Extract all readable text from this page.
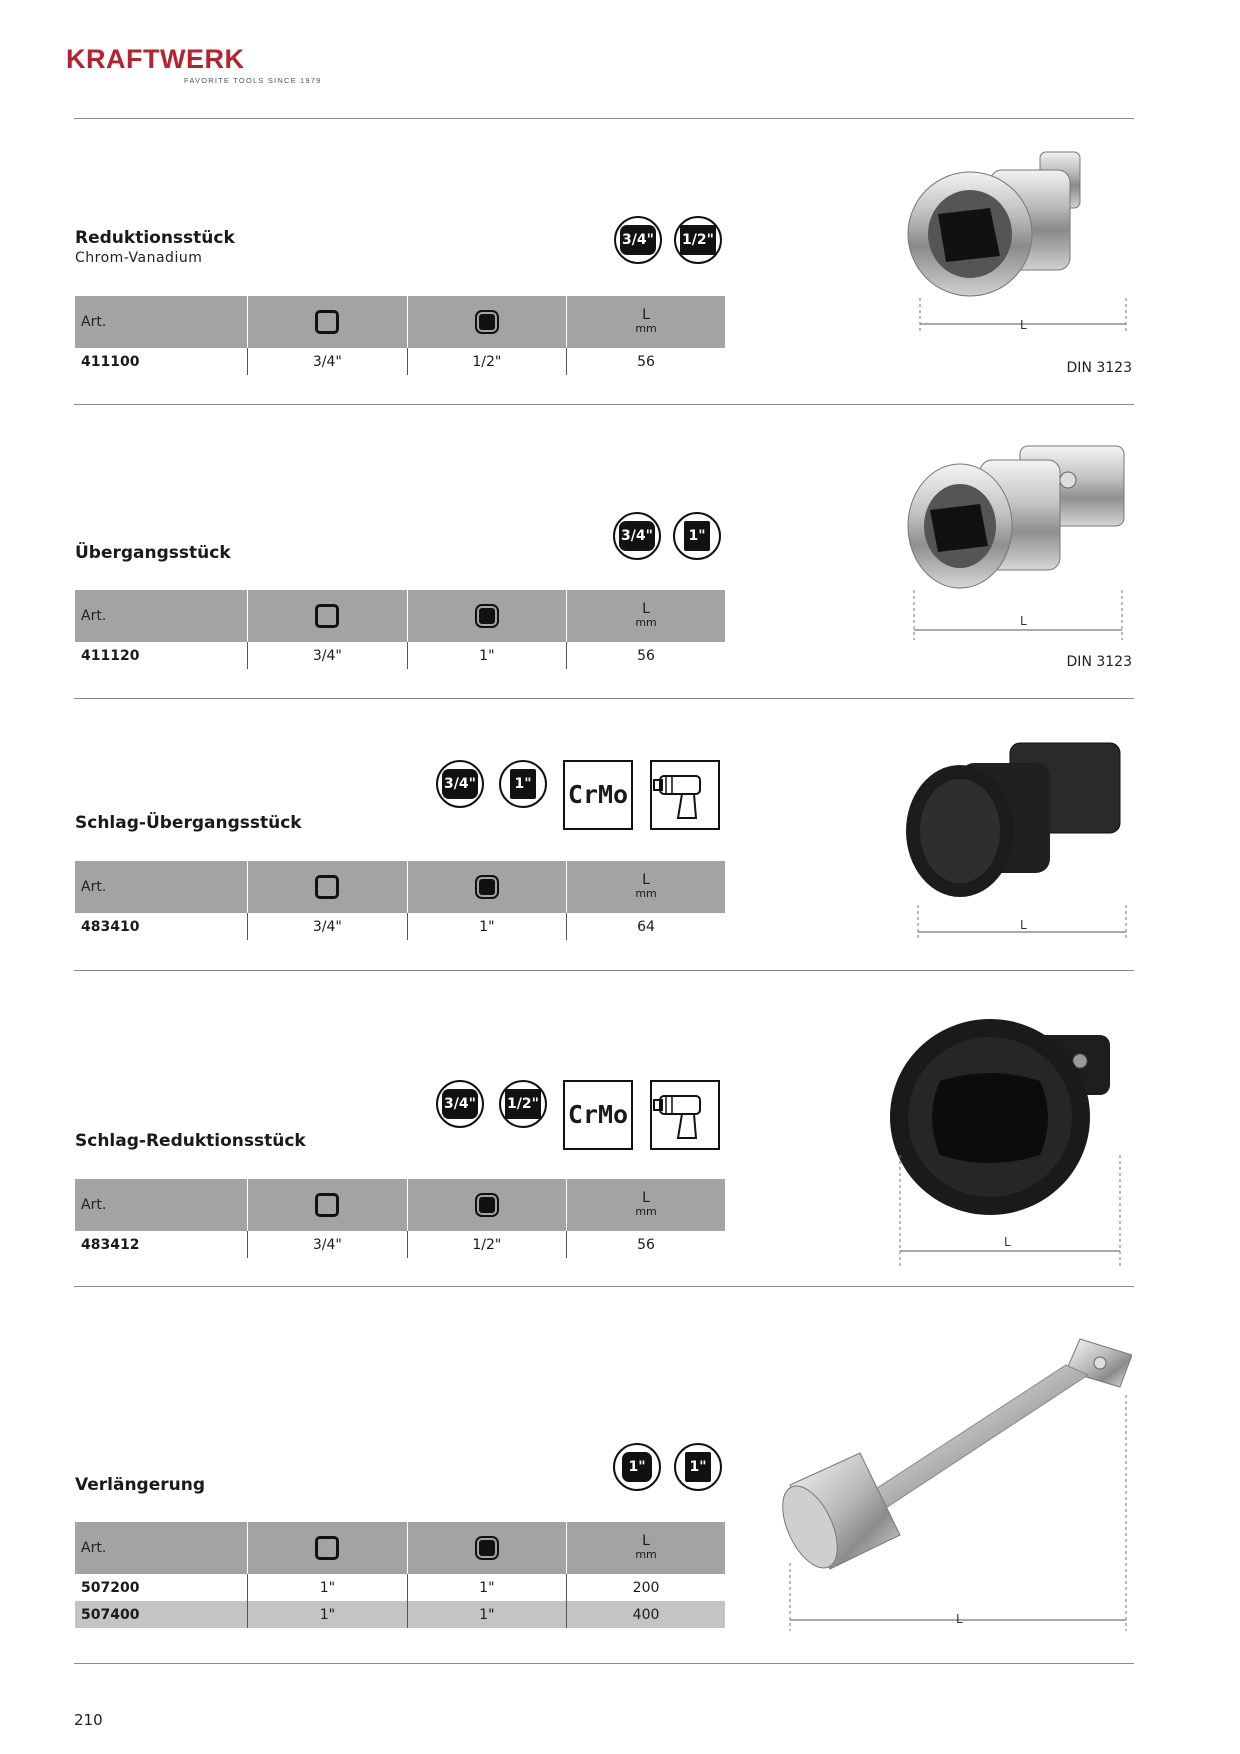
KRAFTWERK
FAVORITE TOOLS SINCE 1979
Reduktionsstück
Chrom-Vanadium
3/4" 1/2"
Art.			L
mm

411100	3/4"	1/2"	56
L
DIN 3123
Übergangsstück
3/4"	1"
Art.			L
mm

411120	3/4"	1"	56
L
DIN 3123
Schlag-Übergangsstück
3/4"	1" CrMo
Art.			L
mm

483410	3/4"	1"	64	L
Schlag-Reduktionsstück
3/4" 1/2" CrMo
Art.			L
mm

483412	3/4"	1/2"	56	L
Verlängerung
1"	1"
Art.			L
mm

507200	1"	1"	200
507400	1"	1"	400	L
210
